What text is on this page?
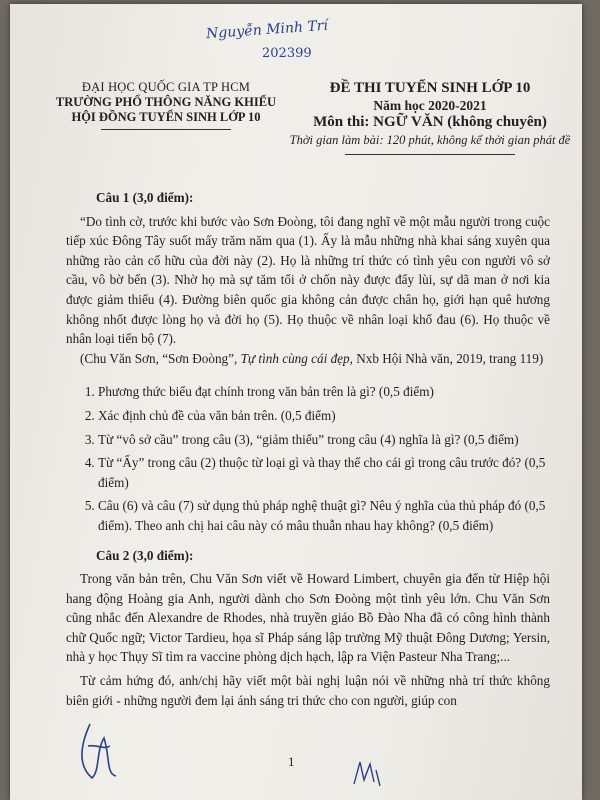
Nguyễn Minh Trí
202399
ĐẠI HỌC QUỐC GIA TP HCM
TRƯỜNG PHỔ THÔNG NĂNG KHIẾU
HỘI ĐỒNG TUYỂN SINH LỚP 10
ĐỀ THI TUYỂN SINH LỚP 10
Năm học 2020-2021
Môn thi: NGỮ VĂN (không chuyên)
Thời gian làm bài: 120 phút, không kể thời gian phát đề
Câu 1 (3,0 điểm):

“Do tình cờ, trước khi bước vào Sơn Đoòng, tôi đang nghĩ về một mẫu người trong cuộc tiếp xúc Đông Tây suốt mấy trăm năm qua (1). Ấy là mẫu những nhà khai sáng xuyên qua những rào cản cố hữu của đời này (2). Họ là những trí thức có tình yêu con người vô sở cầu, vô bờ bến (3). Nhờ họ mà sự tăm tối ở chốn này được đẩy lùi, sự dã man ở nơi kia được giảm thiểu (4). Đường biên quốc gia không cản được chân họ, giới hạn quê hương không nhốt được lòng họ và đời họ (5). Họ thuộc về nhân loại khổ đau (6). Họ thuộc về nhân loại tiến bộ (7).

(Chu Văn Sơn, “Sơn Đoòng”, Tự tình cùng cái đẹp, Nxb Hội Nhà văn, 2019, trang 119)

1. Phương thức biểu đạt chính trong văn bản trên là gì? (0,5 điểm)
2. Xác định chủ đề của văn bản trên. (0,5 điểm)
3. Từ “vô sở cầu” trong câu (3), “giảm thiểu” trong câu (4) nghĩa là gì? (0,5 điểm)
4. Từ “Ấy” trong câu (2) thuộc từ loại gì và thay thế cho cái gì trong câu trước đó? (0,5 điểm)
5. Câu (6) và câu (7) sử dụng thủ pháp nghệ thuật gì? Nêu ý nghĩa của thủ pháp đó (0,5 điểm). Theo anh chị hai câu này có mâu thuẫn nhau hay không? (0,5 điểm)
Câu 2 (3,0 điểm):

Trong văn bản trên, Chu Văn Sơn viết về Howard Limbert, chuyên gia đến từ Hiệp hội hang động Hoàng gia Anh, người dành cho Sơn Đoòng một tình yêu lớn. Chu Văn Sơn cũng nhắc đến Alexandre de Rhodes, nhà truyền giáo Bồ Đào Nha đã có công hình thành chữ Quốc ngữ; Victor Tardieu, họa sĩ Pháp sáng lập trường Mỹ thuật Đông Dương; Yersin, nhà y học Thụy Sĩ tìm ra vaccine phòng dịch hạch, lập ra Viện Pasteur Nha Trang;...

Từ cảm hứng đó, anh/chị hãy viết một bài nghị luận nói về những nhà trí thức không biên giới - những người đem lại ánh sáng tri thức cho con người, giúp con

1
